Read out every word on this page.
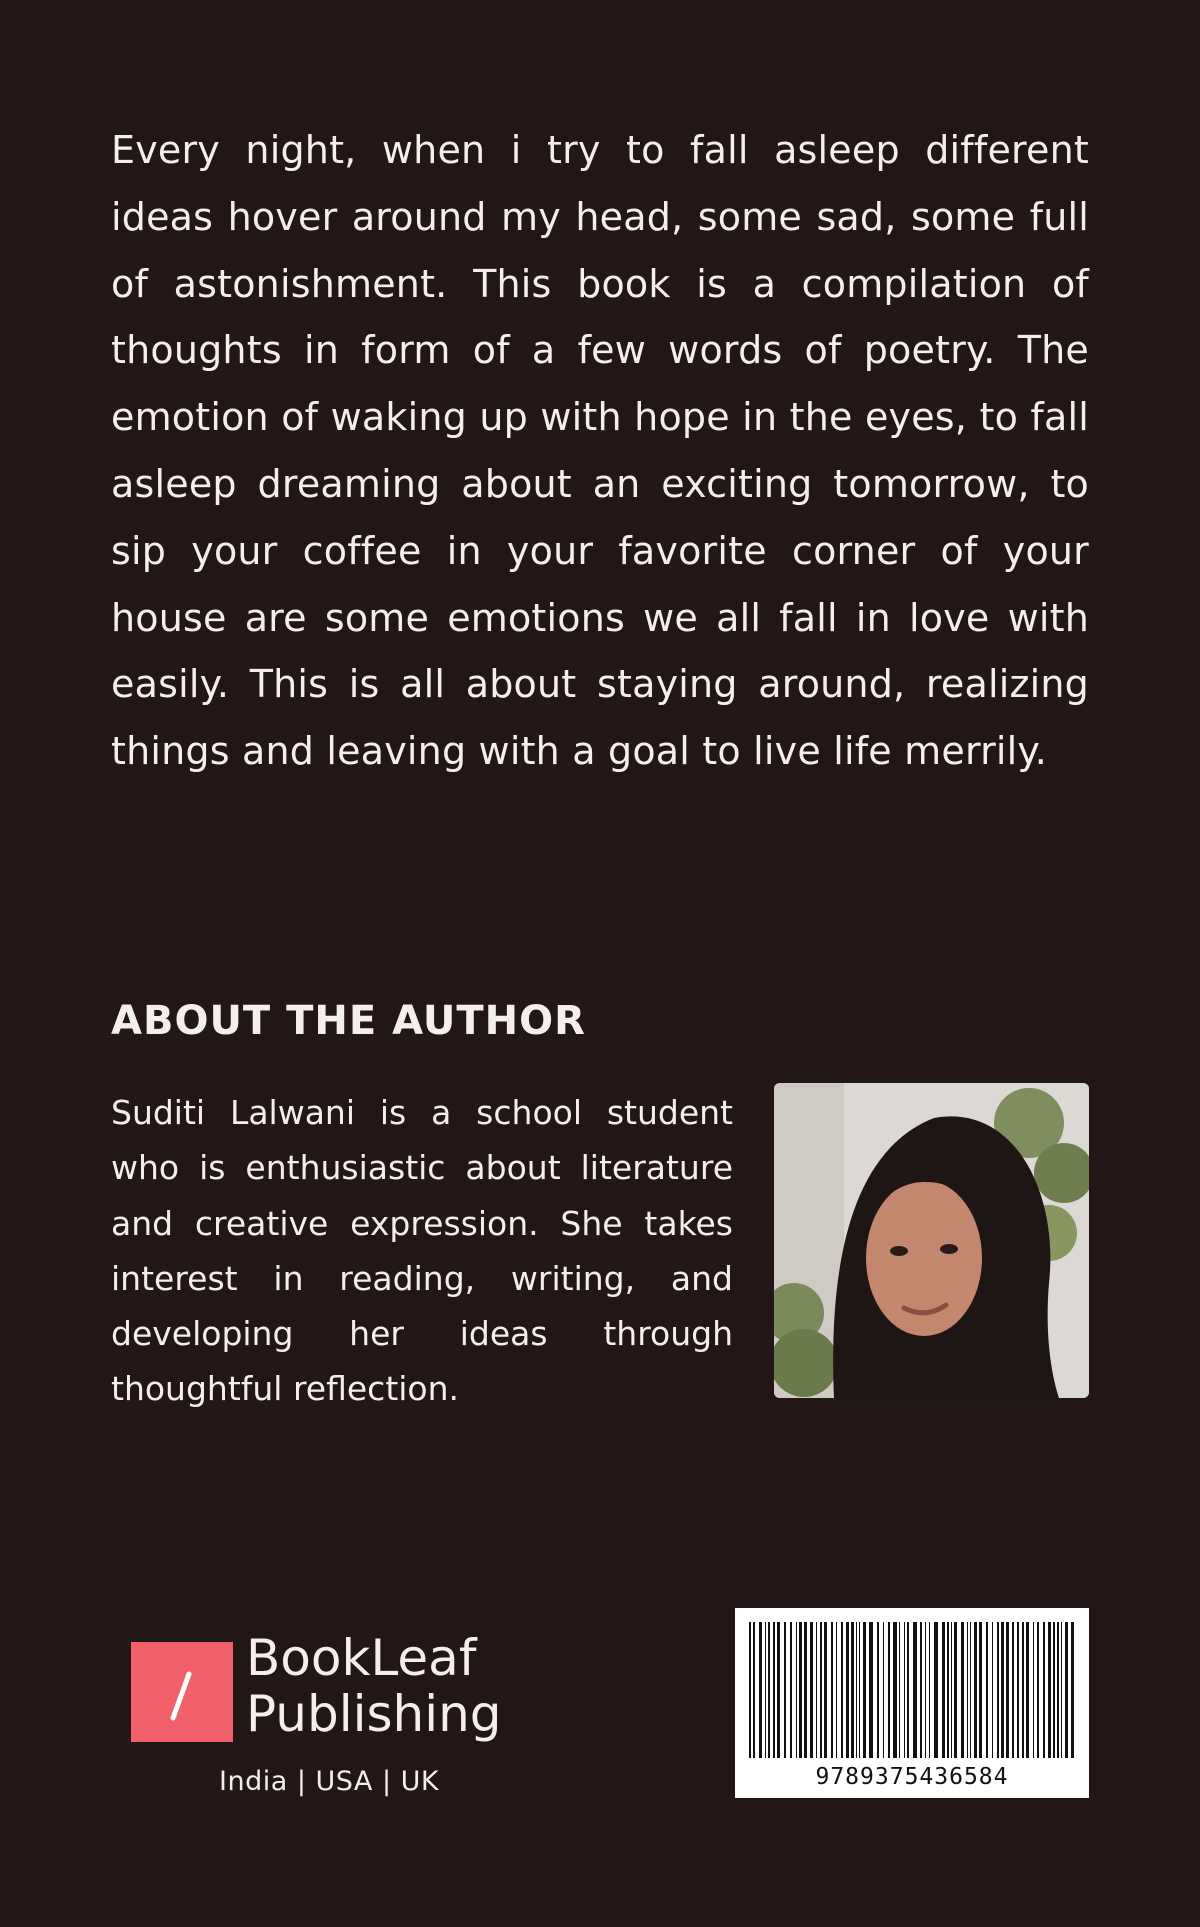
Every night, when i try to fall asleep different ideas hover around my head, some sad, some full of astonishment. This book is a compilation of thoughts in form of a few words of poetry. The emotion of waking up with hope in the eyes, to fall asleep dreaming about an exciting tomorrow, to sip your coffee in your favorite corner of your house are some emotions we all fall in love with easily. This is all about staying around, realizing things and leaving with a goal to live life merrily.

ABOUT THE AUTHOR

Suditi Lalwani is a school student who is enthusiastic about literature and creative expression. She takes interest in reading, writing, and developing her ideas through thoughtful reflection.

BookLeaf
Publishing
India | USA | UK	9789375436584
